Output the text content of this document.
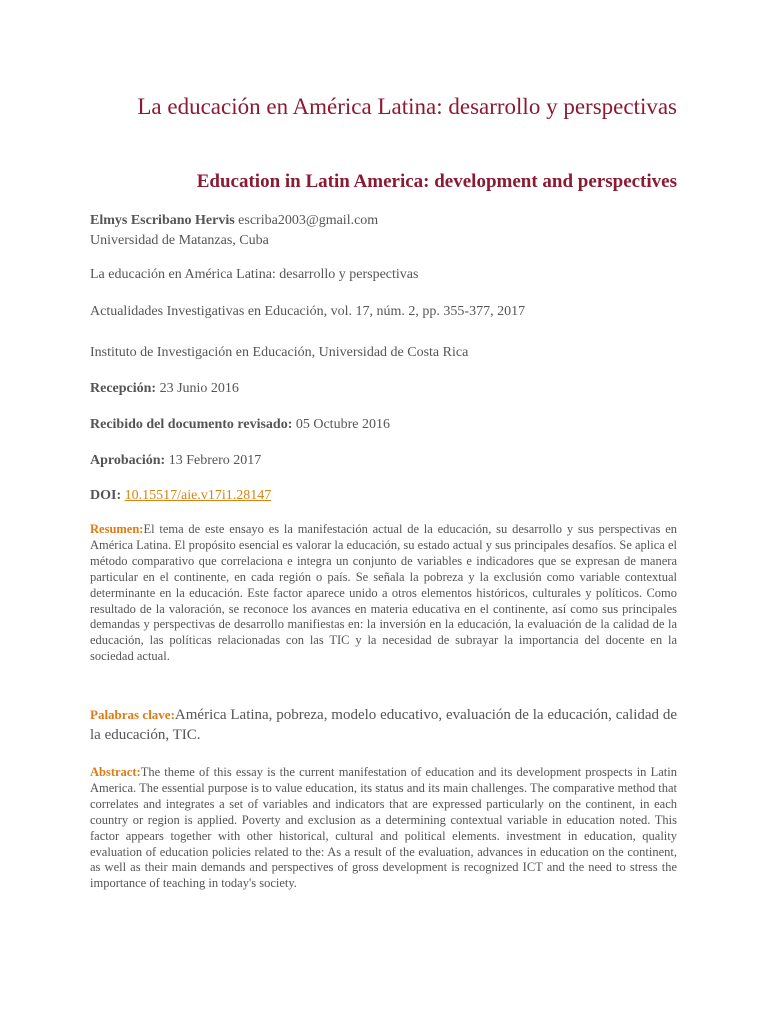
La educación en América Latina: desarrollo y perspectivas
Education in Latin America: development and perspectives
Elmys Escribano Hervis escriba2003@gmail.com
Universidad de Matanzas, Cuba
La educación en América Latina: desarrollo y perspectivas
Actualidades Investigativas en Educación, vol. 17, núm. 2, pp. 355-377, 2017
Instituto de Investigación en Educación, Universidad de Costa Rica
Recepción: 23 Junio 2016
Recibido del documento revisado: 05 Octubre 2016
Aprobación: 13 Febrero 2017
DOI: 10.15517/aie.v17i1.28147
Resumen:El tema de este ensayo es la manifestación actual de la educación, su desarrollo y sus perspectivas en América Latina. El propósito esencial es valorar la educación, su estado actual y sus principales desafíos. Se aplica el método comparativo que correlaciona e integra un conjunto de variables e indicadores que se expresan de manera particular en el continente, en cada región o país. Se señala la pobreza y la exclusión como variable contextual determinante en la educación. Este factor aparece unido a otros elementos históricos, culturales y políticos. Como resultado de la valoración, se reconoce los avances en materia educativa en el continente, así como sus principales demandas y perspectivas de desarrollo manifiestas en: la inversión en la educación, la evaluación de la calidad de la educación, las políticas relacionadas con las TIC y la necesidad de subrayar la importancia del docente en la sociedad actual.
Palabras clave:América Latina, pobreza, modelo educativo, evaluación de la educación, calidad de la educación, TIC.
Abstract:The theme of this essay is the current manifestation of education and its development prospects in Latin America. The essential purpose is to value education, its status and its main challenges. The comparative method that correlates and integrates a set of variables and indicators that are expressed particularly on the continent, in each country or region is applied. Poverty and exclusion as a determining contextual variable in education noted. This factor appears together with other historical, cultural and political elements. investment in education, quality evaluation of education policies related to the: As a result of the evaluation, advances in education on the continent, as well as their main demands and perspectives of gross development is recognized ICT and the need to stress the importance of teaching in today's society.
